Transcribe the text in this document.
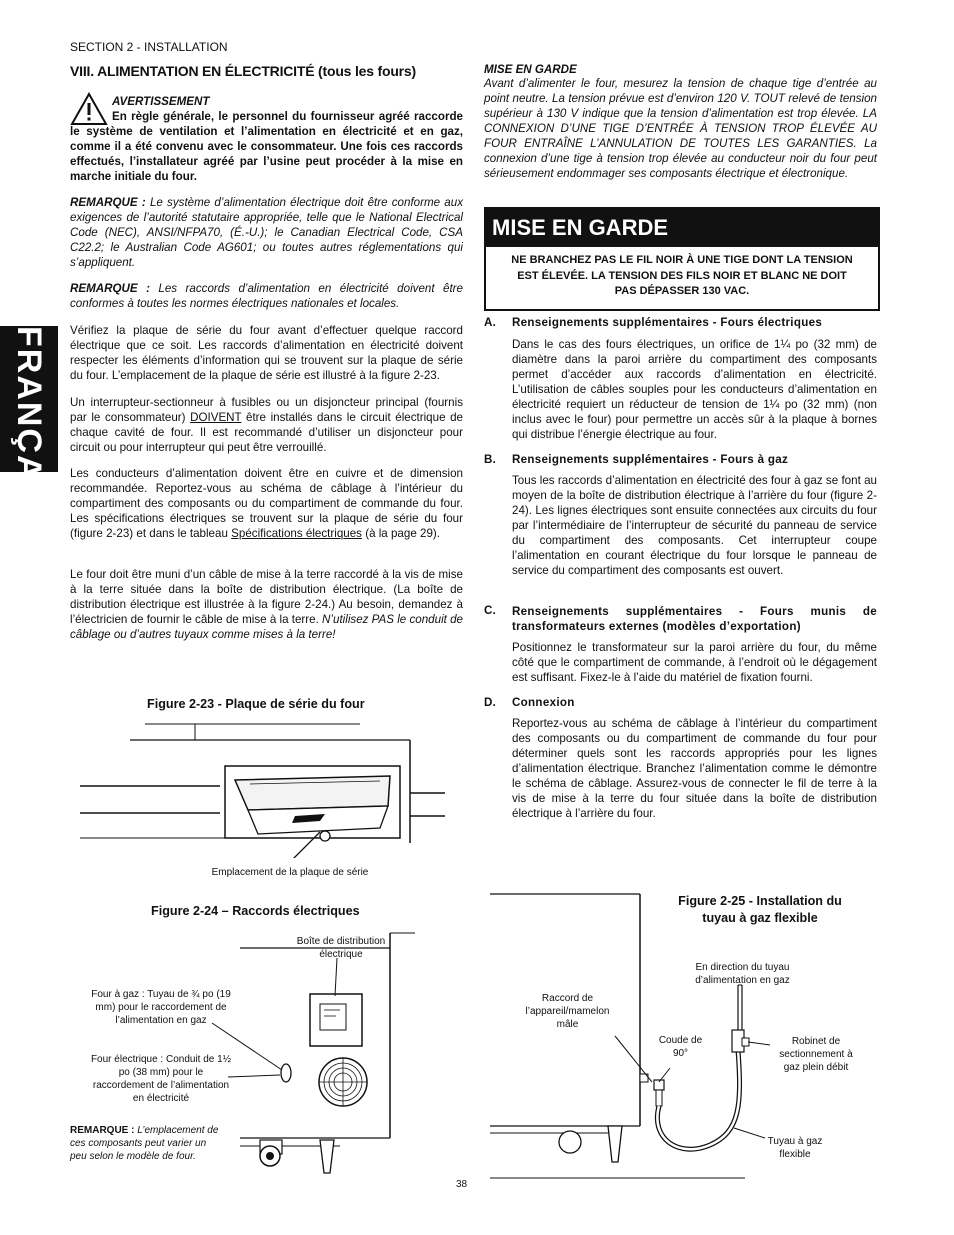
SECTION 2 - INSTALLATION
FRANÇAIS
VIII. ALIMENTATION EN ÉLECTRICITÉ (tous les fours)
AVERTISSEMENT

En règle générale, le personnel du fournisseur agréé raccorde le système de ventilation et l’alimentation en électricité et en gaz, comme il a été convenu avec le consommateur. Une fois ces raccords effectués, l’installateur agréé par l’usine peut procéder à la mise en marche initiale du four.

REMARQUE : Le système d’alimentation électrique doit être conforme aux exigences de l’autorité statutaire appropriée, telle que le National Electrical Code (NEC), ANSI/NFPA70, (É.-U.); le Canadian Electrical Code, CSA C22.2; le Australian Code AG601; ou toutes autres réglementations qui s’appliquent.

REMARQUE : Les raccords d’alimentation en électricité doivent être conformes à toutes les normes électriques nationales et locales.

Vérifiez la plaque de série du four avant d’effectuer quelque raccord électrique que ce soit. Les raccords d’alimentation en électricité doivent respecter les éléments d’information qui se trouvent sur la plaque de série du four. L’emplacement de la plaque de série est illustré à la figure 2-23.

Un interrupteur-sectionneur à fusibles ou un disjoncteur principal (fournis par le consommateur) DOIVENT être installés dans le circuit électrique de chaque cavité de four. Il est recommandé d’utiliser un disjoncteur pour circuit ou pour interrupteur qui peut être verrouillé.

Les conducteurs d’alimentation doivent être en cuivre et de dimension recommandée. Reportez-vous au schéma de câblage à l’intérieur du compartiment des composants ou du compartiment de commande du four. Les spécifications électriques se trouvent sur la plaque de série du four (figure 2-23) et dans le tableau Spécifications électriques (à la page 29).

Le four doit être muni d’un câble de mise à la terre raccordé à la vis de mise à la terre située dans la boîte de distribution électrique. (La boîte de distribution électrique est illustrée à la figure 2-24.) Au besoin, demandez à l’électricien de fournir le câble de mise à la terre. N’utilisez PAS le conduit de câblage ou d’autres tuyaux comme mises à la terre!

MISE EN GARDE

Avant d’alimenter le four, mesurez la tension de chaque tige d’entrée au point neutre. La tension prévue est d’environ 120 V. TOUT relevé de tension supérieur à 130 V indique que la tension d’alimentation est trop élevée. LA CONNEXION D’UNE TIGE D’ENTRÉE À TENSION TROP ÉLEVÉE AU FOUR ENTRAÎNE L’ANNULATION DE TOUTES LES GARANTIES. La connexion d’une tige à tension trop élevée au conducteur noir du four peut sérieusement endommager ses composants électrique et électronique.

MISE EN GARDE
NE BRANCHEZ PAS LE FIL NOIR À UNE TIGE DONT LA TENSION EST ÉLEVÉE. LA TENSION DES FILS NOIR ET BLANC NE DOIT PAS DÉPASSER 130 VAC.
A. Renseignements supplémentaires - Fours électriques

Dans le cas des fours électriques, un orifice de 1¼ po (32 mm) de diamètre dans la paroi arrière du compartiment des composants permet d’accéder aux raccords d’alimentation en électricité. L’utilisation de câbles souples pour les conducteurs d’alimentation en électricité requiert un réducteur de tension de 1¼ po (32 mm) (non inclus avec le four) pour permettre un accès sûr à la plaque à bornes qui distribue l’énergie électrique au four.

B. Renseignements supplémentaires - Fours à gaz

Tous les raccords d’alimentation en électricité des four à gaz se font au moyen de la boîte de distribution électrique à l’arrière du four (figure 2-24). Les lignes électriques sont ensuite connectées aux circuits du four par l’intermédiaire de l’interrupteur de sécurité du panneau de service du compartiment des composants. Cet interrupteur coupe l’alimentation en courant électrique du four lorsque le panneau de service du compartiment des composants est ouvert.

C. Renseignements supplémentaires - Fours munis de transformateurs externes (modèles d’exportation)

Positionnez le transformateur sur la paroi arrière du four, du même côté que le compartiment de commande, à l’endroit où le dégagement est suffisant. Fixez-le à l’aide du matériel de fixation fourni.

D. Connexion

Reportez-vous au schéma de câblage à l’intérieur du compartiment des composants ou du compartiment de commande du four pour déterminer quels sont les raccords appropriés pour les lignes d’alimentation électrique. Branchez l’alimentation comme le démontre le schéma de câblage. Assurez-vous de connecter le fil de terre à la vis de mise à la terre du four située dans la boîte de distribution électrique à l’arrière du four.

Figure 2-23 - Plaque de série du four
Emplacement de la plaque de série
Figure 2-24 – Raccords électriques
Boîte de distribution électrique
Four à gaz : Tuyau de ¾ po (19 mm) pour le raccordement de l’alimentation en gaz
Four électrique : Conduit de 1½ po (38 mm) pour le raccordement de l’alimentation en électricité
REMARQUE : L’emplacement de ces composants peut varier un peu selon le modèle de four.
38
Figure 2-25 - Installation du tuyau à gaz flexible
En direction du tuyau d’alimentation en gaz
Raccord de l’appareil/mamelon mâle
Coude de 90°
Robinet de sectionnement à gaz plein débit
Tuyau à gaz flexible
